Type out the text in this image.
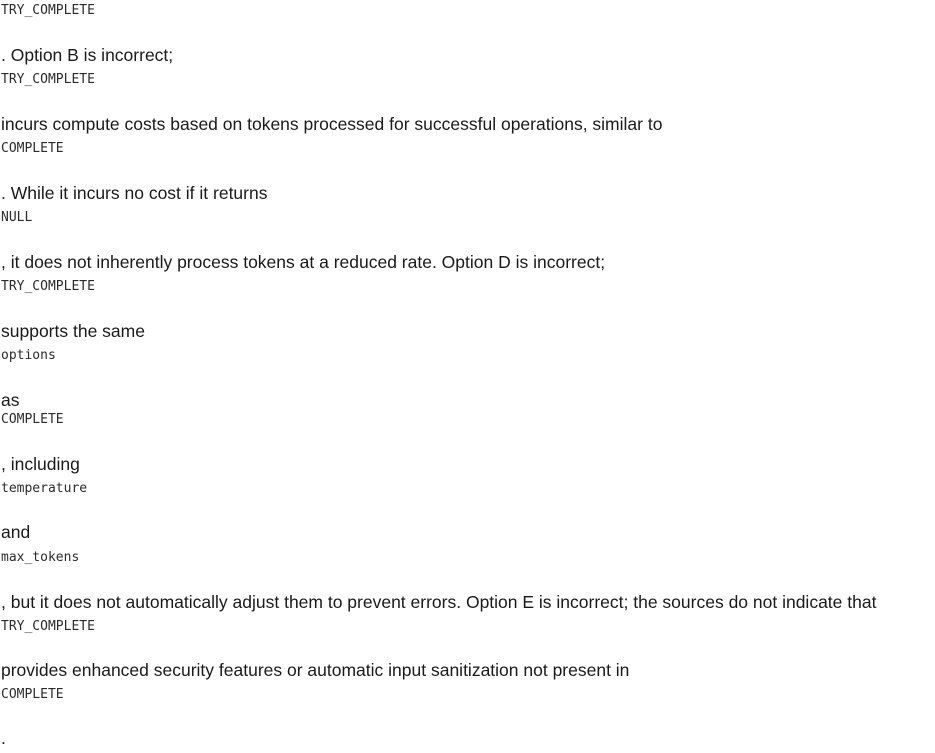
TRY_COMPLETE
. Option B is incorrect;
TRY_COMPLETE
incurs compute costs based on tokens processed for successful operations, similar to
COMPLETE
. While it incurs no cost if it returns
NULL
, it does not inherently process tokens at a reduced rate. Option D is incorrect;
TRY_COMPLETE
supports the same
options
as
COMPLETE
, including
temperature
and
max_tokens
, but it does not automatically adjust them to prevent errors. Option E is incorrect; the sources do not indicate that
TRY_COMPLETE
provides enhanced security features or automatic input sanitization not present in
COMPLETE
.
